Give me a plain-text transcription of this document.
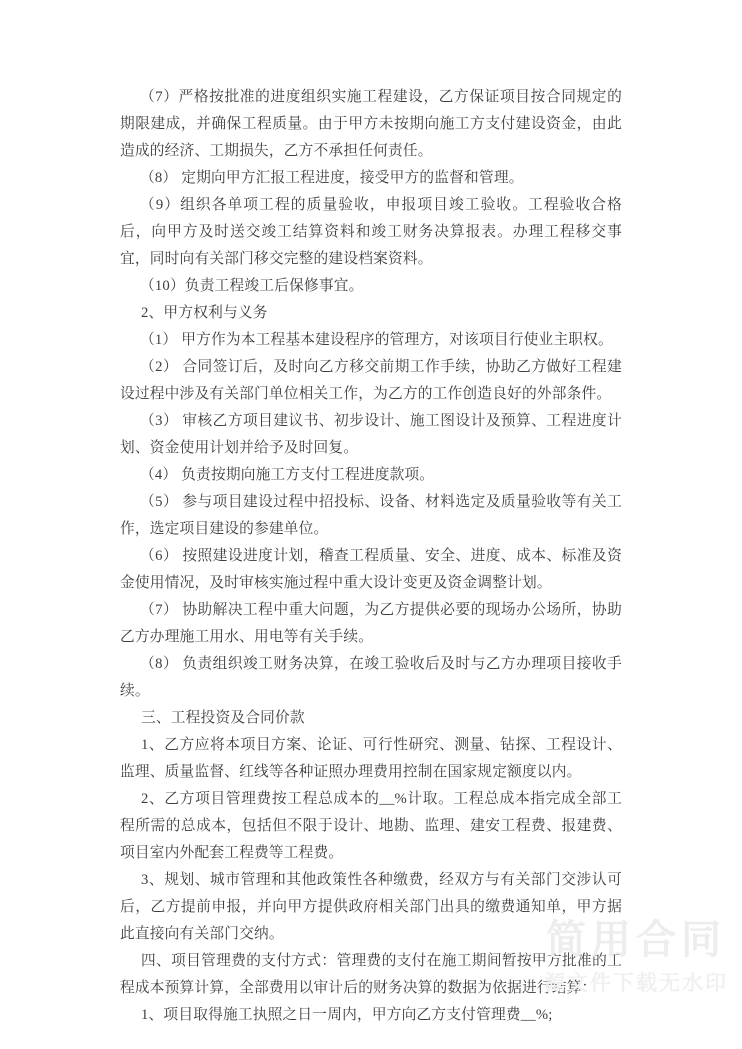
（7）严格按批准的进度组织实施工程建设，乙方保证项目按合同规定的期限建成，并确保工程质量。由于甲方未按期向施工方支付建设资金，由此造成的经济、工期损失，乙方不承担任何责任。

（8） 定期向甲方汇报工程进度，接受甲方的监督和管理。

（9）组织各单项工程的质量验收，申报项目竣工验收。工程验收合格后，向甲方及时送交竣工结算资料和竣工财务决算报表。办理工程移交事宜，同时向有关部门移交完整的建设档案资料。

（10）负责工程竣工后保修事宜。

2、甲方权利与义务

（1） 甲方作为本工程基本建设程序的管理方，对该项目行使业主职权。

（2） 合同签订后，及时向乙方移交前期工作手续，协助乙方做好工程建设过程中涉及有关部门单位相关工作，为乙方的工作创造良好的外部条件。

（3） 审核乙方项目建议书、初步设计、施工图设计及预算、工程进度计划、资金使用计划并给予及时回复。

（4） 负责按期向施工方支付工程进度款项。

（5） 参与项目建设过程中招投标、设备、材料选定及质量验收等有关工作，选定项目建设的参建单位。

（6） 按照建设进度计划，稽查工程质量、安全、进度、成本、标准及资金使用情况，及时审核实施过程中重大设计变更及资金调整计划。

（7） 协助解决工程中重大问题，为乙方提供必要的现场办公场所，协助乙方办理施工用水、用电等有关手续。

（8） 负责组织竣工财务决算，在竣工验收后及时与乙方办理项目接收手续。

三、工程投资及合同价款

1、乙方应将本项目方案、论证、可行性研究、测量、钻探、工程设计、监理、质量监督、红线等各种证照办理费用控制在国家规定额度以内。

2、乙方项目管理费按工程总成本的__%计取。工程总成本指完成全部工程所需的总成本，包括但不限于设计、地勘、监理、建安工程费、报建费、项目室内外配套工程费等工程费。

3、规划、城市管理和其他政策性各种缴费，经双方与有关部门交涉认可后，乙方提前申报，并向甲方提供政府相关部门出具的缴费通知单，甲方据此直接向有关部门交纳。

四、项目管理费的支付方式：管理费的支付在施工期间暂按甲方批准的工程成本预算计算，全部费用以审计后的财务决算的数据为依据进行结算：

1、项目取得施工执照之日一周内，甲方向乙方支付管理费__%;

简用合同
源文件下载无水印
